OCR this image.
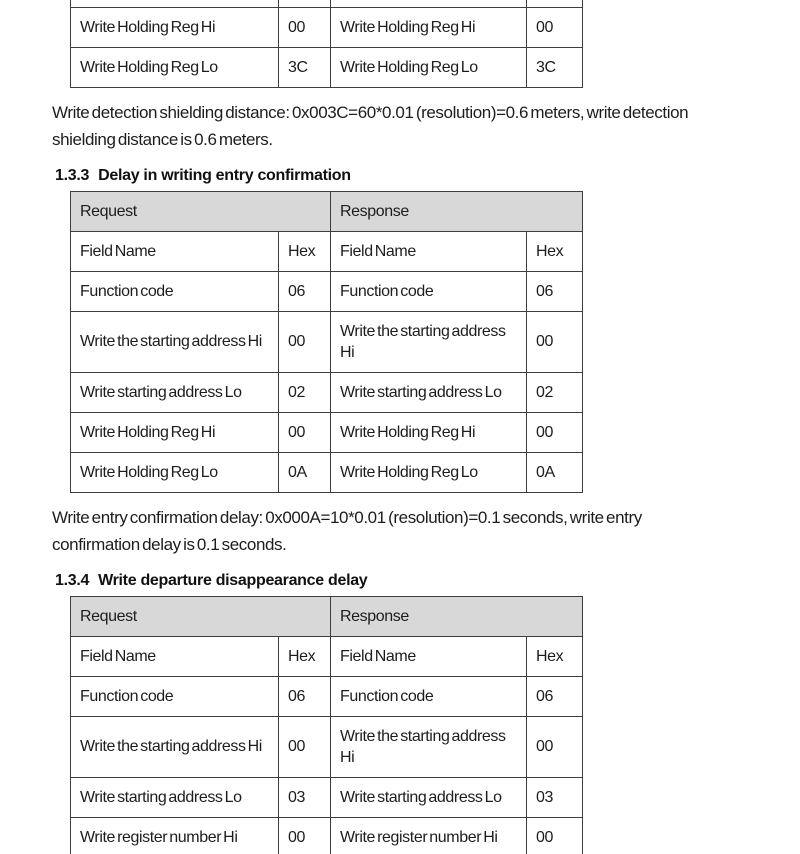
Write Holding Reg Hi	00	Write Holding Reg Hi	00
Write Holding Reg Lo	3C	Write Holding Reg Lo	3C

Write detection shielding distance: 0x003C=60*0.01 (resolution)=0.6 meters, write detection shielding distance is 0.6 meters.

1.3.3 Delay in writing entry confirmation
Request		Response	
Field Name	Hex	Field Name	Hex
Function code	06	Function code	06
Write the starting address Hi	00	Write the starting address Hi	00
Write starting address Lo	02	Write starting address Lo	02
Write Holding Reg Hi	00	Write Holding Reg Hi	00
Write Holding Reg Lo	0A	Write Holding Reg Lo	0A

Write entry confirmation delay: 0x000A=10*0.01 (resolution)=0.1 seconds, write entry confirmation delay is 0.1 seconds.

1.3.4 Write departure disappearance delay
Request		Response	
Field Name	Hex	Field Name	Hex
Function code	06	Function code	06
Write the starting address Hi	00	Write the starting address Hi	00
Write starting address Lo	03	Write starting address Lo	03
Write register number Hi	00	Write register number Hi	00
